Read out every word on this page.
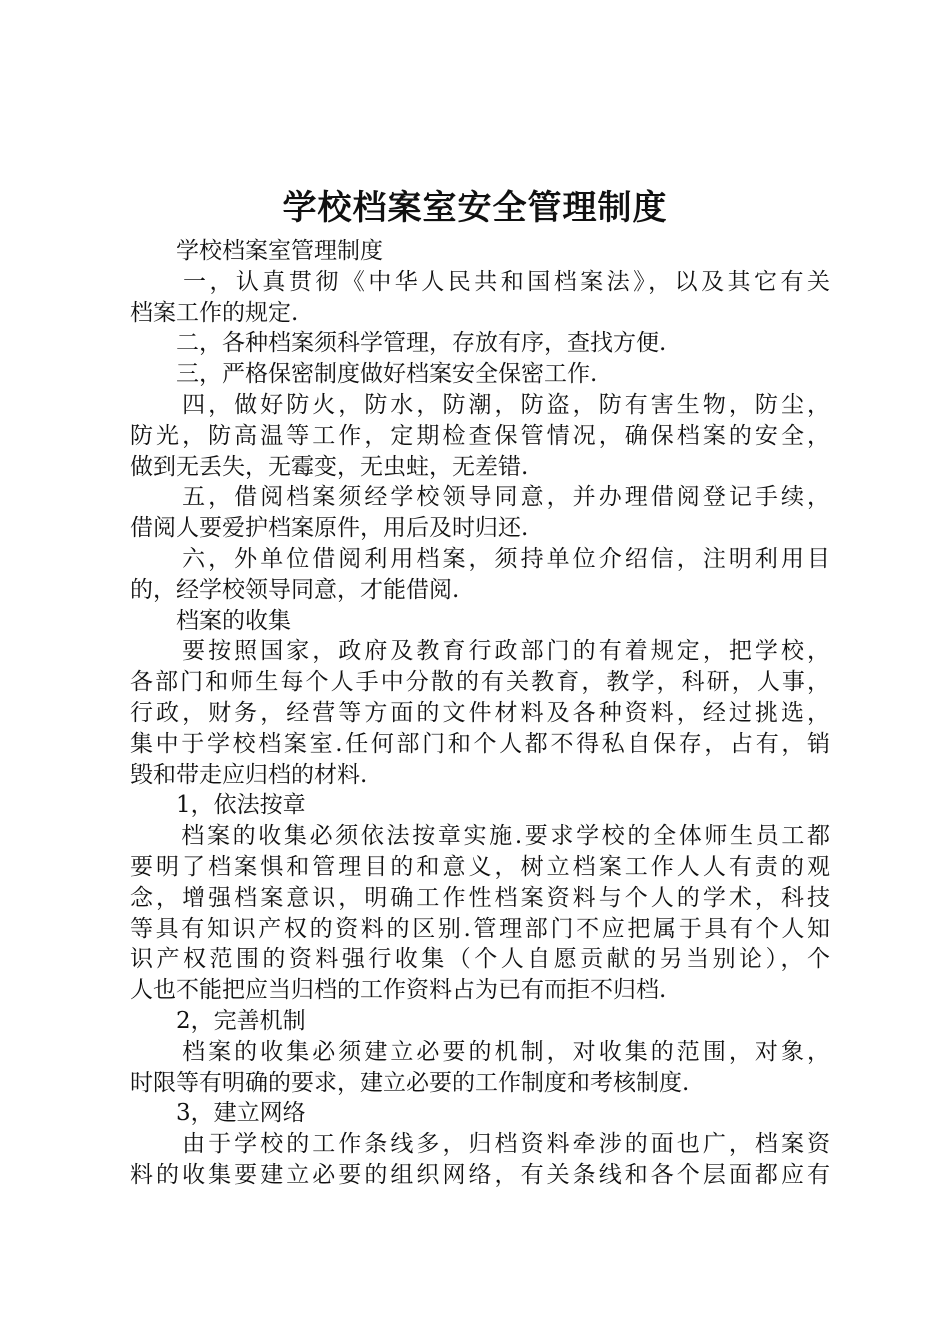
学校档案室安全管理制度
　　学校档案室管理制度
　　一，认真贯彻《中华人民共和国档案法》，以及其它有关
档案工作的规定.
　　二，各种档案须科学管理，存放有序，查找方便.
　　三，严格保密制度做好档案安全保密工作.
　　四，做好防火，防水，防潮，防盗，防有害生物，防尘，
防光，防高温等工作，定期检查保管情况，确保档案的安全，
做到无丢失，无霉变，无虫蛀，无差错.
　　五，借阅档案须经学校领导同意，并办理借阅登记手续，
借阅人要爱护档案原件，用后及时归还.
　　六，外单位借阅利用档案，须持单位介绍信，注明利用目
的，经学校领导同意，才能借阅.
　　档案的收集
　　要按照国家，政府及教育行政部门的有着规定，把学校，
各部门和师生每个人手中分散的有关教育，教学，科研，人事，
行政，财务，经营等方面的文件材料及各种资料，经过挑选，
集中于学校档案室.任何部门和个人都不得私自保存，占有，销
毁和带走应归档的材料.
　　1，依法按章
　　档案的收集必须依法按章实施.要求学校的全体师生员工都
要明了档案惧和管理目的和意义，树立档案工作人人有责的观
念，增强档案意识，明确工作性档案资料与个人的学术，科技
等具有知识产权的资料的区别.管理部门不应把属于具有个人知
识产权范围的资料强行收集（个人自愿贡献的另当别论），个
人也不能把应当归档的工作资料占为已有而拒不归档.
　　2，完善机制
　　档案的收集必须建立必要的机制，对收集的范围，对象，
时限等有明确的要求，建立必要的工作制度和考核制度.
　　3，建立网络
　　由于学校的工作条线多，归档资料牵涉的面也广，档案资
料的收集要建立必要的组织网络，有关条线和各个层面都应有
